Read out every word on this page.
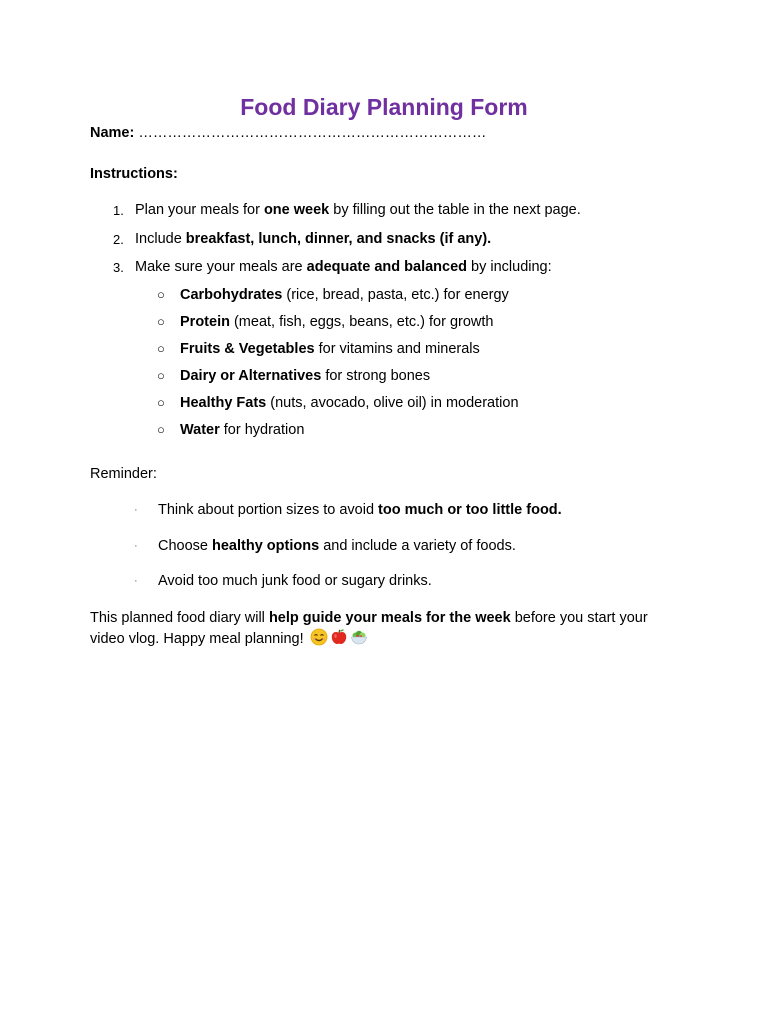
Food Diary Planning Form
Name: ………………………………………………………………
Instructions:
1. Plan your meals for one week by filling out the table in the next page.
2. Include breakfast, lunch, dinner, and snacks (if any).
3. Make sure your meals are adequate and balanced by including:
○ Carbohydrates (rice, bread, pasta, etc.) for energy
○ Protein (meat, fish, eggs, beans, etc.) for growth
○ Fruits & Vegetables for vitamins and minerals
○ Dairy or Alternatives for strong bones
○ Healthy Fats (nuts, avocado, olive oil) in moderation
○ Water for hydration
Reminder:
· Think about portion sizes to avoid too much or too little food.
· Choose healthy options and include a variety of foods.
· Avoid too much junk food or sugary drinks.
This planned food diary will help guide your meals for the week before you start your
video vlog. Happy meal planning!
